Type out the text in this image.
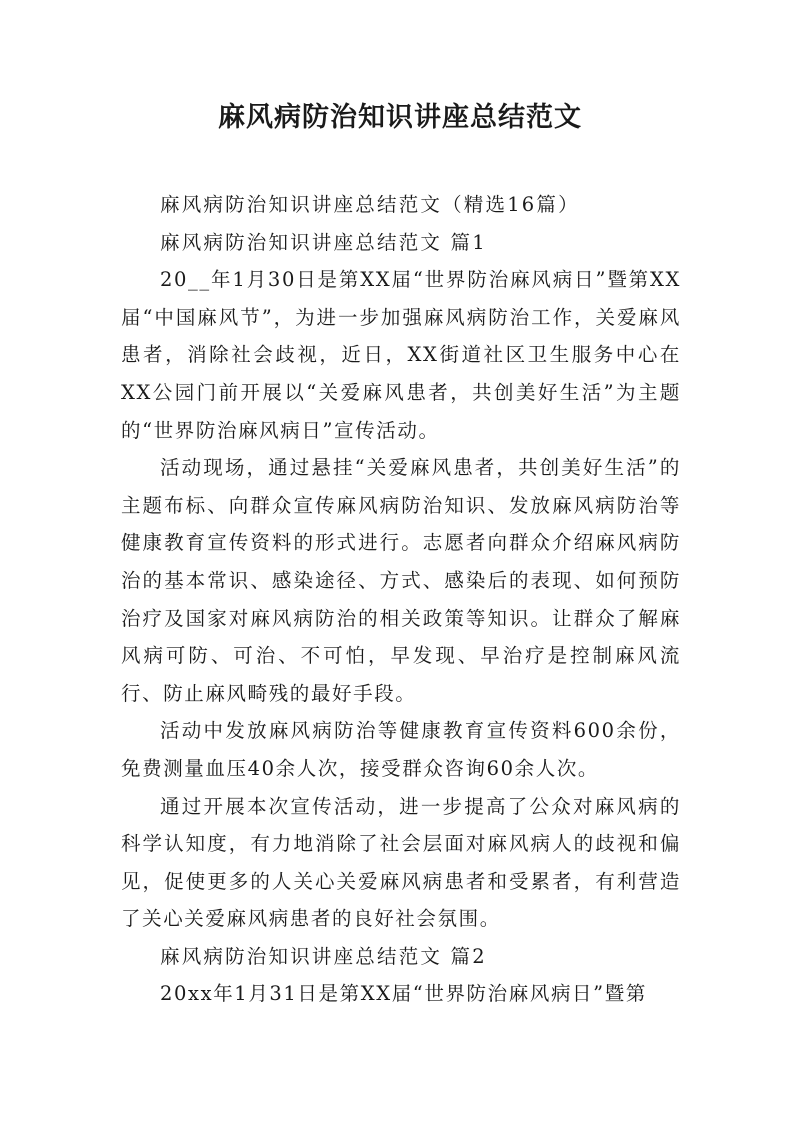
麻风病防治知识讲座总结范文

麻风病防治知识讲座总结范文（精选16篇）

麻风病防治知识讲座总结范文 篇1

20__年1月30日是第XX届“世界防治麻风病日”暨第XX届“中国麻风节”，为进一步加强麻风病防治工作，关爱麻风患者，消除社会歧视，近日，XX街道社区卫生服务中心在XX公园门前开展以“关爱麻风患者，共创美好生活”为主题的“世界防治麻风病日”宣传活动。

活动现场，通过悬挂“关爱麻风患者，共创美好生活”的主题布标、向群众宣传麻风病防治知识、发放麻风病防治等健康教育宣传资料的形式进行。志愿者向群众介绍麻风病防治的基本常识、感染途径、方式、感染后的表现、如何预防治疗及国家对麻风病防治的相关政策等知识。让群众了解麻风病可防、可治、不可怕，早发现、早治疗是控制麻风流行、防止麻风畸残的最好手段。

活动中发放麻风病防治等健康教育宣传资料600余份，免费测量血压40余人次，接受群众咨询60余人次。

通过开展本次宣传活动，进一步提高了公众对麻风病的科学认知度，有力地消除了社会层面对麻风病人的歧视和偏见，促使更多的人关心关爱麻风病患者和受累者，有利营造了关心关爱麻风病患者的良好社会氛围。

麻风病防治知识讲座总结范文 篇2

20xx年1月31日是第XX届“世界防治麻风病日”暨第
